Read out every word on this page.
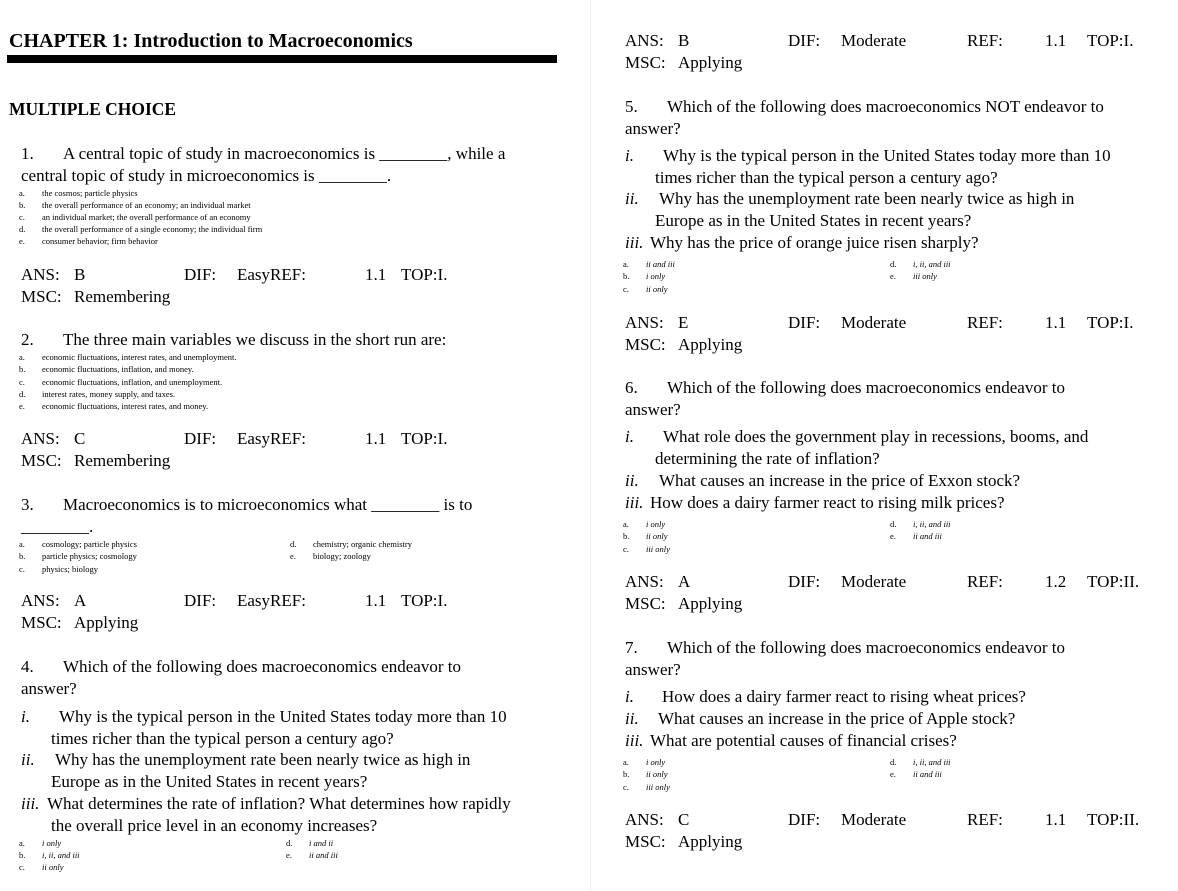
CHAPTER 1: Introduction to Macroeconomics
MULTIPLE CHOICE
1. A central topic of study in macroeconomics is ________, while a
central topic of study in microeconomics is ________.
a. the cosmos; particle physics
b. the overall performance of an economy; an individual market
c. an individual market; the overall performance of an economy
d. the overall performance of a single economy; the individual firm
e. consumer behavior; firm behavior
ANS: B	DIF: EasyREF:	1.1 TOP:I.
MSC: Remembering
2. The three main variables we discuss in the short run are:
a. economic fluctuations, interest rates, and unemployment.
b. economic fluctuations, inflation, and money.
c. economic fluctuations, inflation, and unemployment.
d. interest rates, money supply, and taxes.
e. economic fluctuations, interest rates, and money.
ANS: C	DIF: EasyREF:	1.1 TOP:I.
MSC: Remembering
3. Macroeconomics is to microeconomics what ________ is to
________.
a. cosmology; particle physics
b. particle physics; cosmology
c. physics; biology
d. chemistry; organic chemistry
e. biology; zoology
ANS: A	DIF: EasyREF:	1.1 TOP:I.
MSC: Applying
4. Which of the following does macroeconomics endeavor to
answer?
i. Why is the typical person in the United States today more than 10
times richer than the typical person a century ago?
ii. Why has the unemployment rate been nearly twice as high in
Europe as in the United States in recent years?
iii. What determines the rate of inflation? What determines how rapidly
the overall price level in an economy increases?
a. i only
b. i, ii, and iii
c. ii only
d. i and ii
e. ii and iii
ANS: B	DIF: Moderate	REF: 1.1 TOP:I.
MSC: Applying
5. Which of the following does macroeconomics NOT endeavor to
answer?
i. Why is the typical person in the United States today more than 10
times richer than the typical person a century ago?
ii. Why has the unemployment rate been nearly twice as high in
Europe as in the United States in recent years?
iii. Why has the price of orange juice risen sharply?
a. ii and iii
b. i only
c. ii only
d. i, ii, and iii
e. iii only
ANS: E	DIF: Moderate	REF: 1.1 TOP:I.
MSC: Applying
6. Which of the following does macroeconomics endeavor to
answer?
i. What role does the government play in recessions, booms, and
determining the rate of inflation?
ii. What causes an increase in the price of Exxon stock?
iii. How does a dairy farmer react to rising milk prices?
a. i only
b. ii only
c. iii only
d. i, ii, and iii
e. ii and iii
ANS: A	DIF: Moderate	REF: 1.2 TOP:II.
MSC: Applying
7. Which of the following does macroeconomics endeavor to
answer?
i. How does a dairy farmer react to rising wheat prices?
ii. What causes an increase in the price of Apple stock?
iii. What are potential causes of financial crises?
a. i only
b. ii only
c. iii only
d. i, ii, and iii
e. ii and iii
ANS: C	DIF: Moderate	REF: 1.1 TOP:II.
MSC: Applying
